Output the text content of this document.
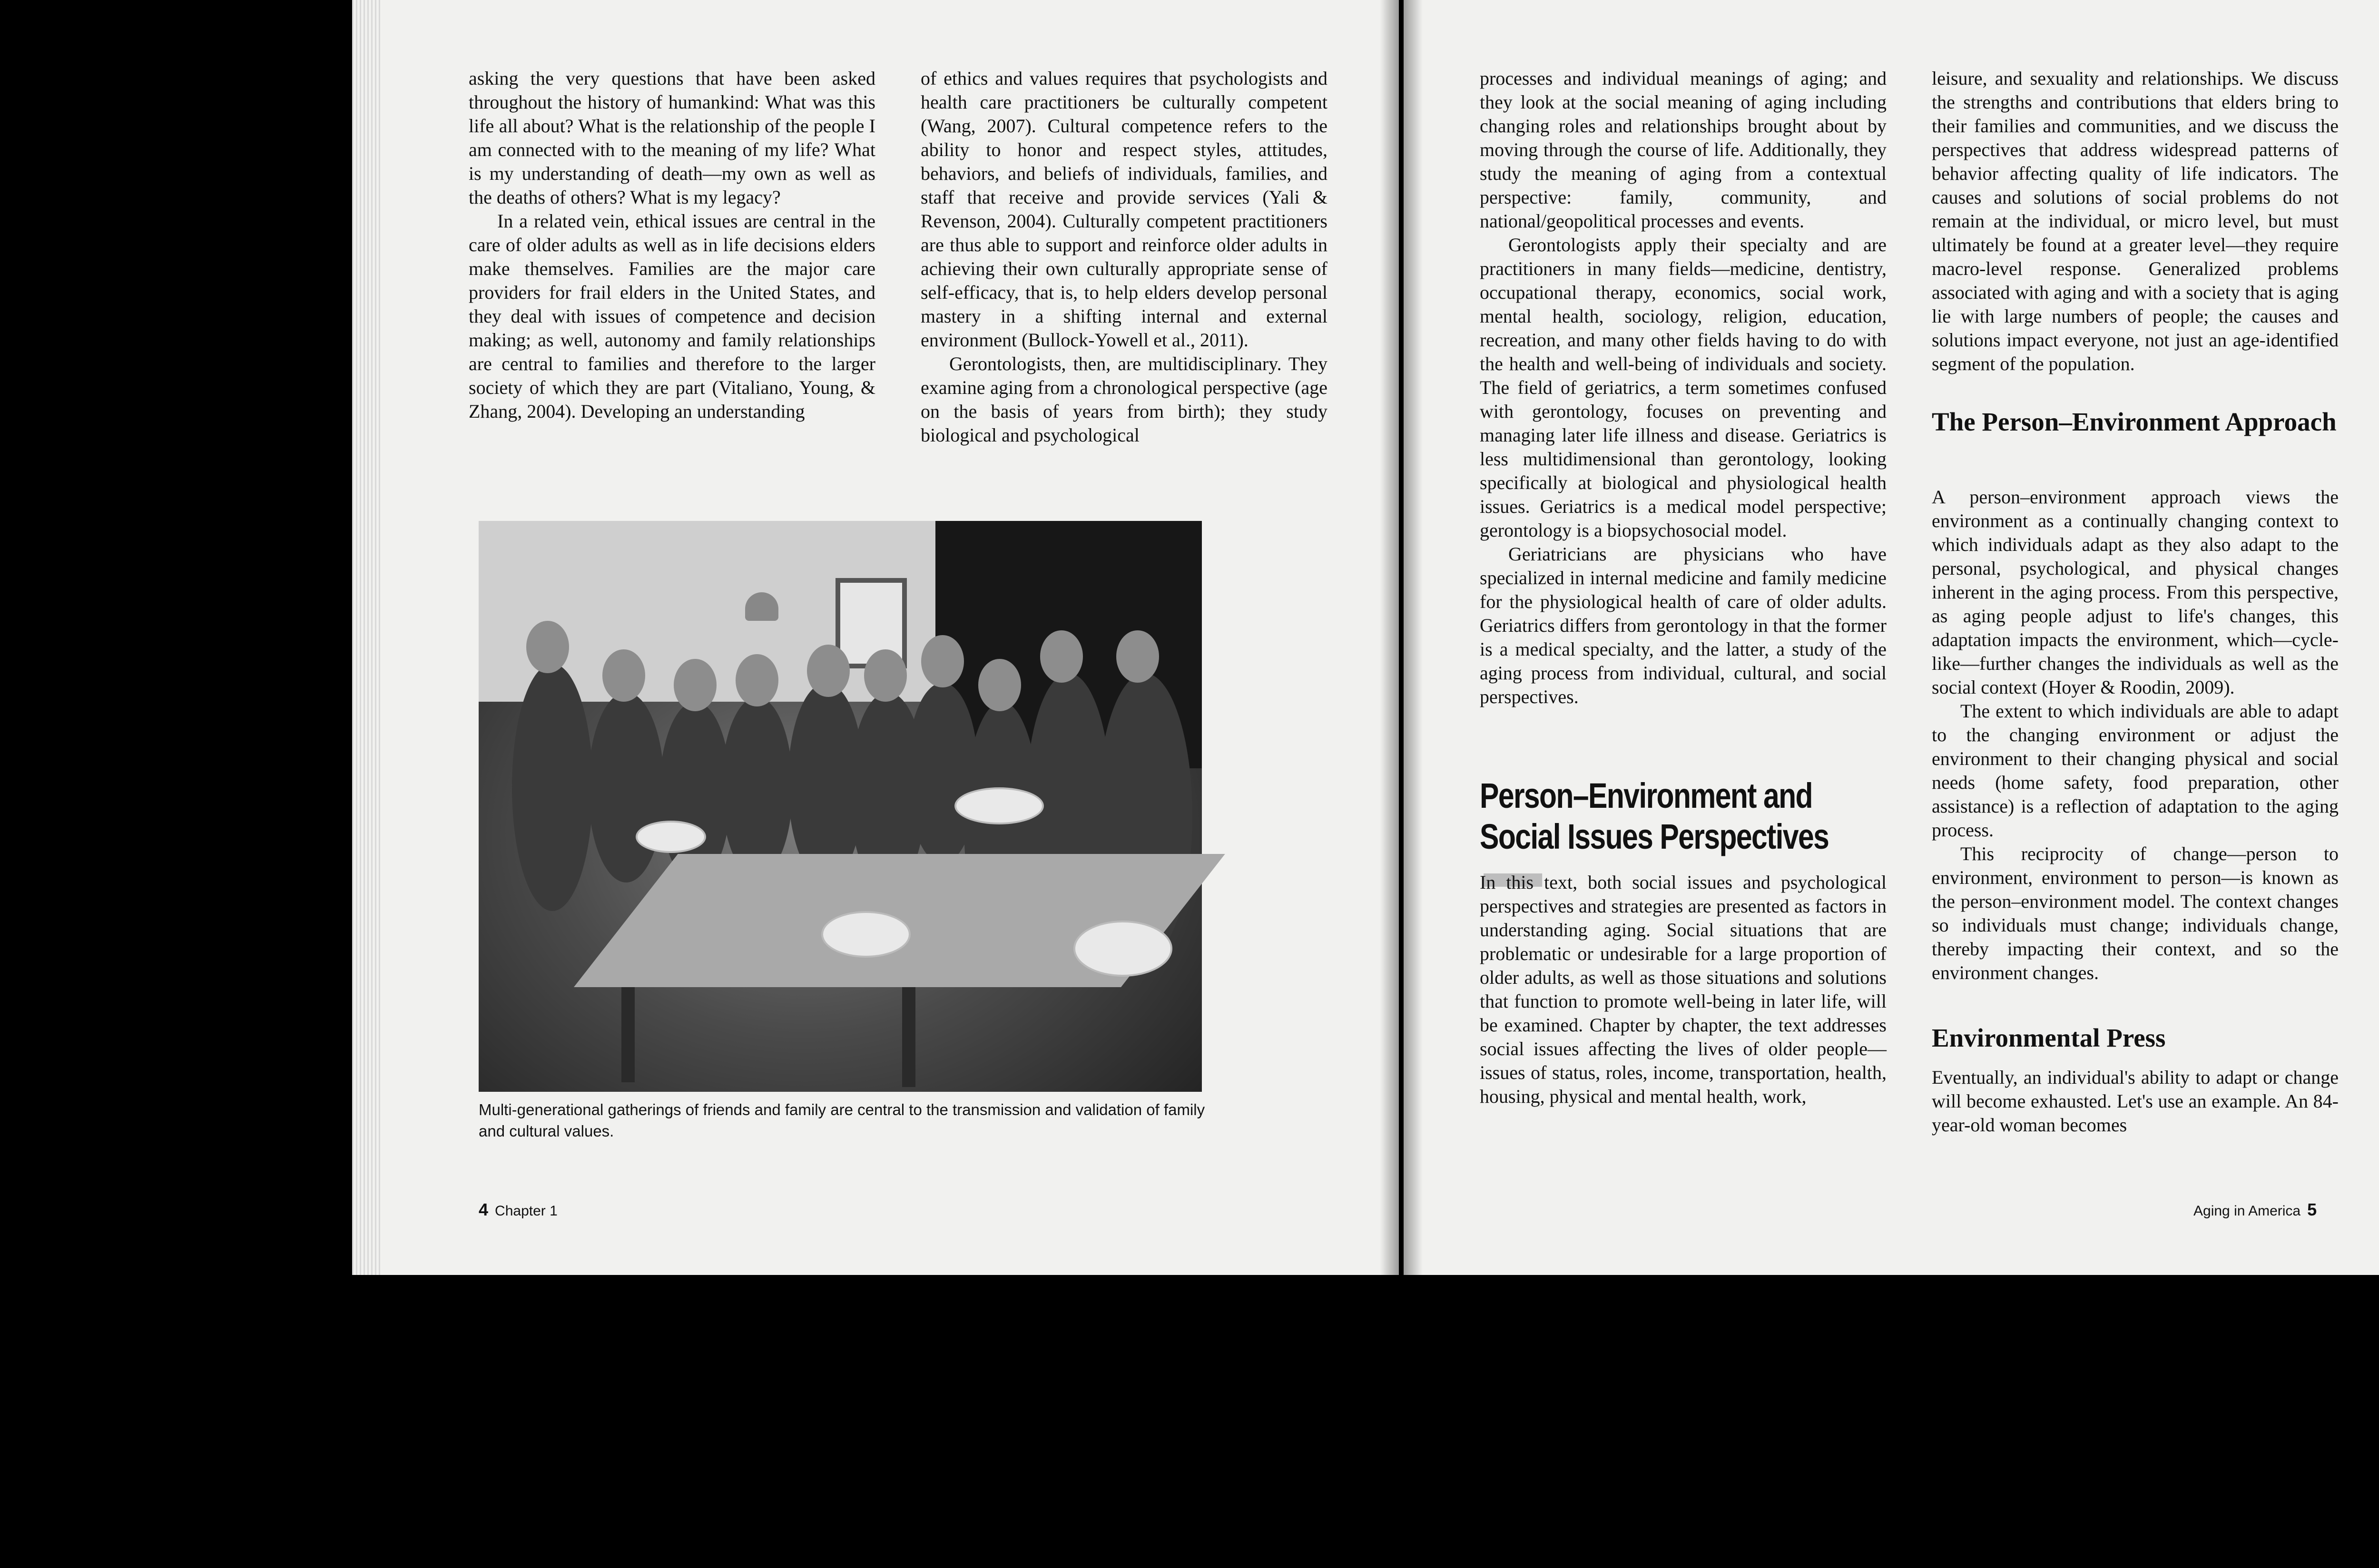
asking the very questions that have been asked throughout the history of humankind: What was this life all about? What is the relationship of the people I am connected with to the meaning of my life? What is my understanding of death—my own as well as the deaths of others? What is my legacy?

In a related vein, ethical issues are central in the care of older adults as well as in life decisions elders make themselves. Families are the major care providers for frail elders in the United States, and they deal with issues of competence and decision making; as well, autonomy and family relationships are central to families and therefore to the larger society of which they are part (Vitaliano, Young, & Zhang, 2004). Developing an understanding

of ethics and values requires that psychologists and health care practitioners be culturally competent (Wang, 2007). Cultural competence refers to the ability to honor and respect styles, attitudes, behaviors, and beliefs of individuals, families, and staff that receive and provide services (Yali & Revenson, 2004). Culturally competent practitioners are thus able to support and reinforce older adults in achieving their own culturally appropriate sense of self-efficacy, that is, to help elders develop personal mastery in a shifting internal and external environment (Bullock-Yowell et al., 2011).

Gerontologists, then, are multidisciplinary. They examine aging from a chronological perspective (age on the basis of years from birth); they study biological and psychological

Multi-generational gatherings of friends and family are central to the transmission and validation of family and cultural values.
4 Chapter 1

processes and individual meanings of aging; and they look at the social meaning of aging including changing roles and relationships brought about by moving through the course of life. Additionally, they study the meaning of aging from a contextual perspective: family, community, and national/geopolitical processes and events.

Gerontologists apply their specialty and are practitioners in many fields—medicine, dentistry, occupational therapy, economics, social work, mental health, sociology, religion, education, recreation, and many other fields having to do with the health and well-being of individuals and society. The field of geriatrics, a term sometimes confused with gerontology, focuses on preventing and managing later life illness and disease. Geriatrics is less multidimensional than gerontology, looking specifically at biological and physiological health issues. Geriatrics is a medical model perspective; gerontology is a biopsychosocial model.

Geriatricians are physicians who have specialized in internal medicine and family medicine for the physiological health of care of older adults. Geriatrics differs from gerontology in that the former is a medical specialty, and the latter, a study of the aging process from individual, cultural, and social perspectives.

Person–Environment and
Social Issues Perspectives

In this text, both social issues and psychological perspectives and strategies are presented as factors in understanding aging. Social situations that are problematic or undesirable for a large proportion of older adults, as well as those situations and solutions that function to promote well-being in later life, will be examined. Chapter by chapter, the text addresses social issues affecting the lives of older people—issues of status, roles, income, transportation, health, housing, physical and mental health, work,

leisure, and sexuality and relationships. We discuss the strengths and contributions that elders bring to their families and communities, and we discuss the perspectives that address widespread patterns of behavior affecting quality of life indicators. The causes and solutions of social problems do not remain at the individual, or micro level, but must ultimately be found at a greater level—they require macro-level response. Generalized problems associated with aging and with a society that is aging lie with large numbers of people; the causes and solutions impact everyone, not just an age-identified segment of the population.

The Person–Environment Approach

A person–environment approach views the environment as a continually changing context to which individuals adapt as they also adapt to the personal, psychological, and physical changes inherent in the aging process. From this perspective, as aging people adjust to life's changes, this adaptation impacts the environment, which—cycle-like—further changes the individuals as well as the social context (Hoyer & Roodin, 2009).

The extent to which individuals are able to adapt to the changing environment or adjust the environment to their changing physical and social needs (home safety, food preparation, other assistance) is a reflection of adaptation to the aging process.

This reciprocity of change—person to environment, environment to person—is known as the person–environment model. The context changes so individuals must change; individuals change, thereby impacting their context, and so the environment changes.

Environmental Press

Eventually, an individual's ability to adapt or change will become exhausted. Let's use an example. An 84-year-old woman becomes

Aging in America 5
